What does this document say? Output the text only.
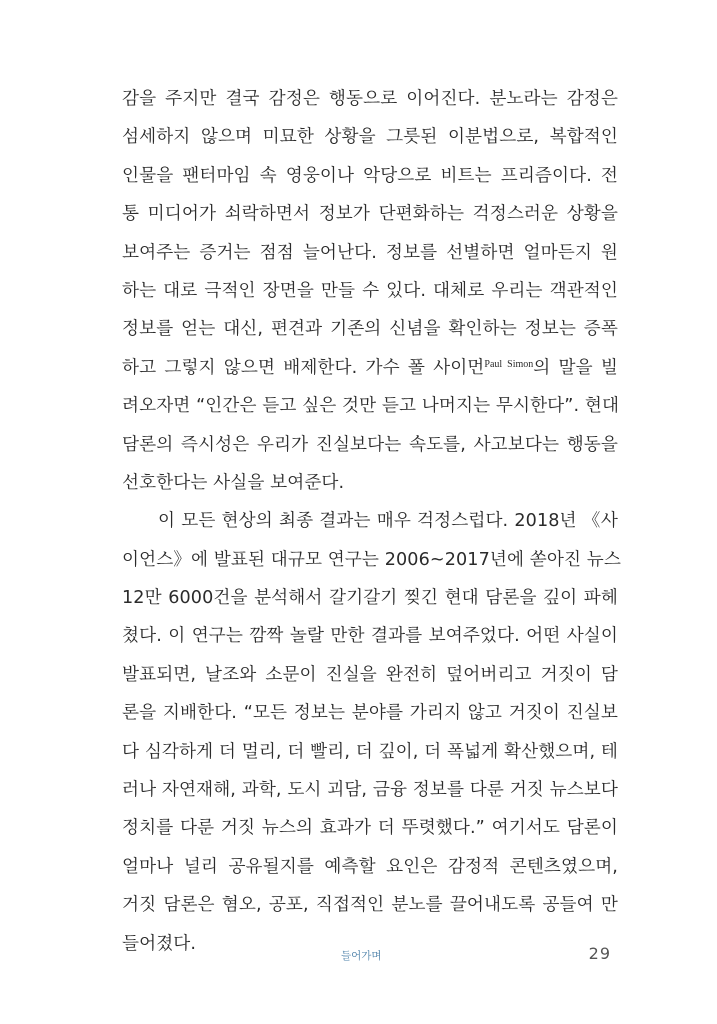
감을 주지만 결국 감정은 행동으로 이어진다. 분노라는 감정은
섬세하지 않으며 미묘한 상황을 그릇된 이분법으로, 복합적인
인물을 팬터마임 속 영웅이나 악당으로 비트는 프리즘이다. 전
통 미디어가 쇠락하면서 정보가 단편화하는 걱정스러운 상황을
보여주는 증거는 점점 늘어난다. 정보를 선별하면 얼마든지 원
하는 대로 극적인 장면을 만들 수 있다. 대체로 우리는 객관적인
정보를 얻는 대신, 편견과 기존의 신념을 확인하는 정보는 증폭
하고 그렇지 않으면 배제한다. 가수 폴 사이먼$^{Paul Simon}$의 말을 빌
려오자면 “인간은 듣고 싶은 것만 듣고 나머지는 무시한다”. 현대
담론의 즉시성은 우리가 진실보다는 속도를, 사고보다는 행동을
선호한다는 사실을 보여준다.
이 모든 현상의 최종 결과는 매우 걱정스럽다. 2018년 《사
이언스》에 발표된 대규모 연구는 2006~2017년에 쏟아진 뉴스
12만 6000건을 분석해서 갈기갈기 찢긴 현대 담론을 깊이 파헤
쳤다. 이 연구는 깜짝 놀랄 만한 결과를 보여주었다. 어떤 사실이
발표되면, 날조와 소문이 진실을 완전히 덮어버리고 거짓이 담
론을 지배한다. “모든 정보는 분야를 가리지 않고 거짓이 진실보
다 심각하게 더 멀리, 더 빨리, 더 깊이, 더 폭넓게 확산했으며, 테
러나 자연재해, 과학, 도시 괴담, 금융 정보를 다룬 거짓 뉴스보다
정치를 다룬 거짓 뉴스의 효과가 더 뚜렷했다.” 여기서도 담론이
얼마나 널리 공유될지를 예측할 요인은 감정적 콘텐츠였으며,
거짓 담론은 혐오, 공포, 직접적인 분노를 끌어내도록 공들여 만
들어졌다.
들어가며	29
